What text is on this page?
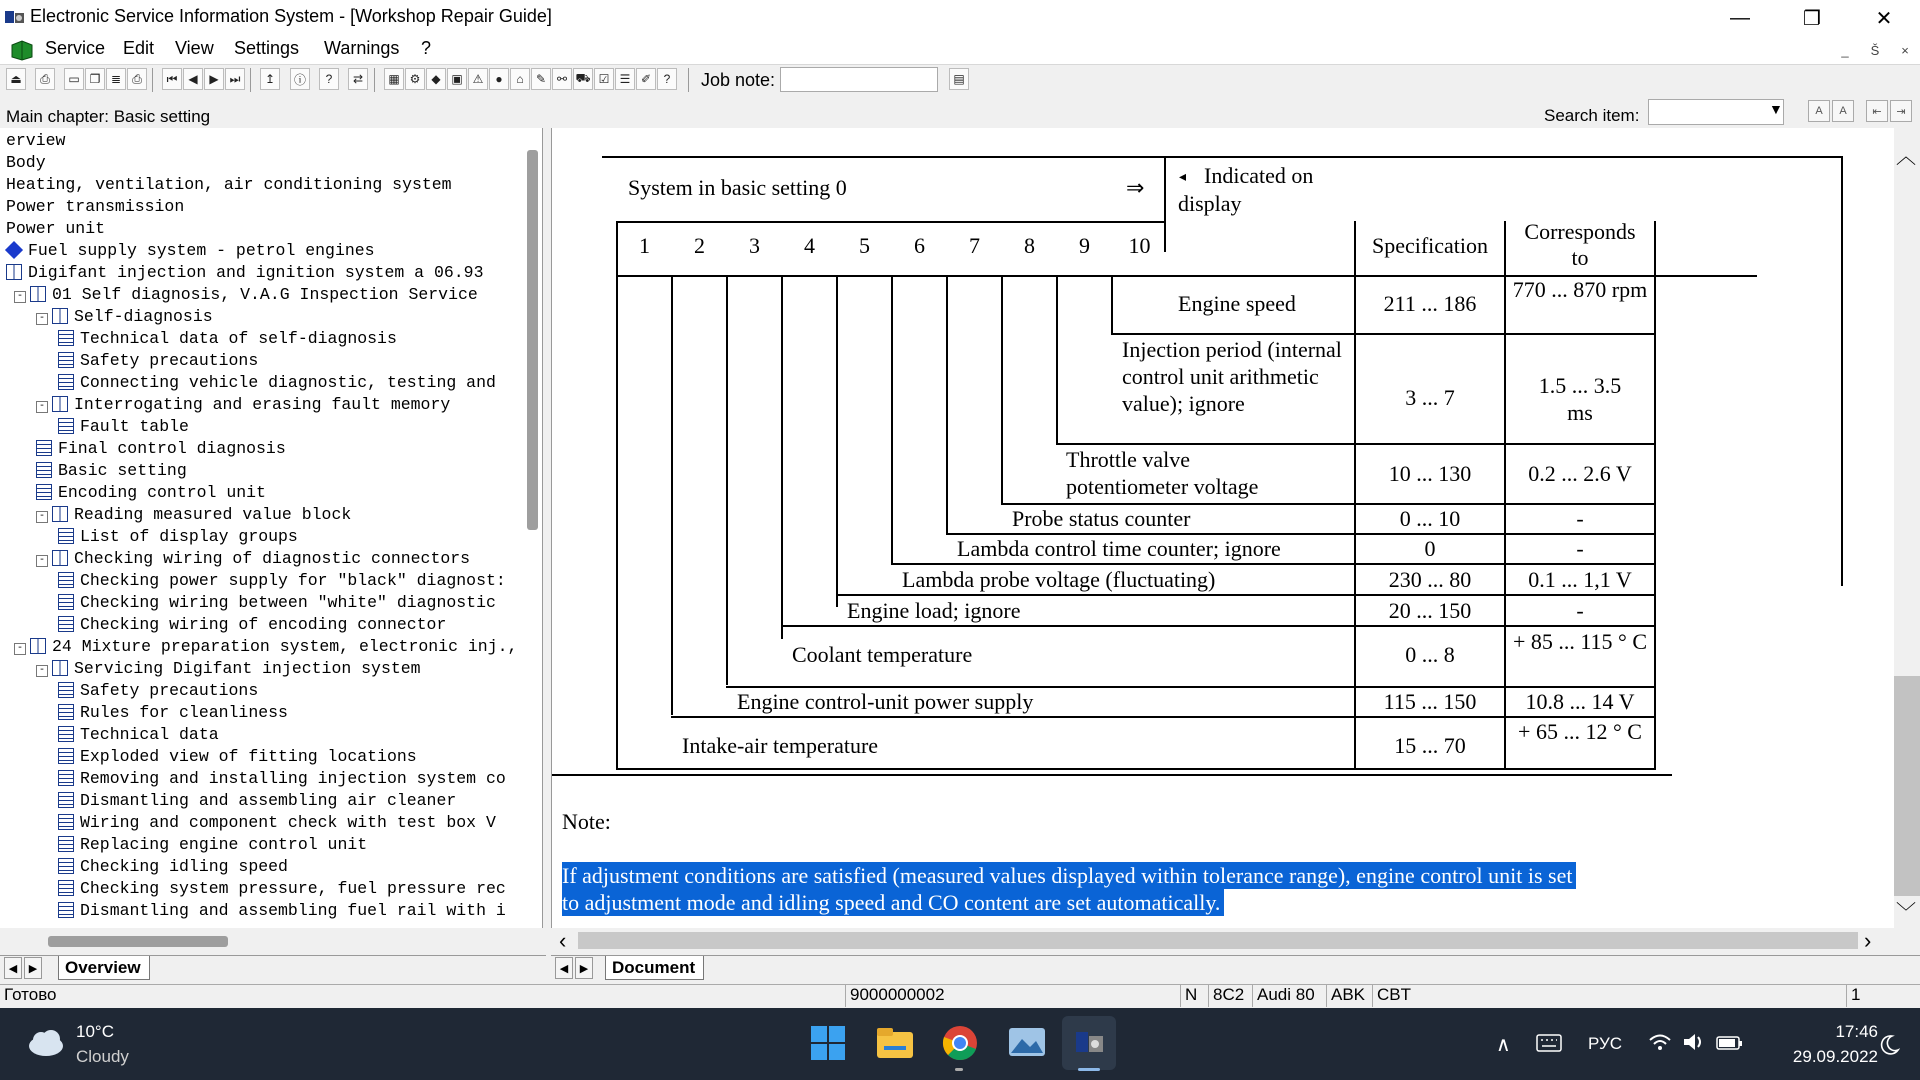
Electronic Service Information System - [Workshop Repair Guide]	—	❐	✕
Service Edit View Settings Warnings ?	_	Š	×
⏏	⎙	▭ ❐ ≣ ⎙	⏮ ◀ ▶ ⏭	↥	ⓘ	?	⇄	▦ ⚙ ◆ ▣ ⚠	●	⌂	✎ ⚯ ⛟ ☑ ☰ ✐	?	Job note:	▤
Main chapter: Basic setting	Search item:	▼	A	A	⇤	⇥
erview
Body
Heating, ventilation, air conditioning system
Power transmission
Power unit
Fuel supply system - petrol engines
Digifant injection and ignition system a 06.93
- 01 Self diagnosis, V.A.G Inspection Service
- Self-diagnosis
Technical data of self-diagnosis
Safety precautions
Connecting vehicle diagnostic, testing and
- Interrogating and erasing fault memory
Fault table
Final control diagnosis
Basic setting
Encoding control unit
- Reading measured value block
List of display groups
- Checking wiring of diagnostic connectors
Checking power supply for "black" diagnost:
Checking wiring between "white" diagnostic
Checking wiring of encoding connector
- 24 Mixture preparation system, electronic inj.,
- Servicing Digifant injection system
Safety precautions
Rules for cleanliness
Technical data
Exploded view of fitting locations
Removing and installing injection system co
Dismantling and assembling air cleaner
Wiring and component check with test box V
Replacing engine control unit
Checking idling speed
Checking system pressure, fuel pressure rec
Dismantling and assembling fuel rail with i
◀	▶	Overview
System in basic setting 0	⇒ ◂ Indicated on
display
Specification
Corresponds
to
1	2	3	4	5	6	7	8	9	10
Engine speed	211 ... 186
770 ... 870 rpm
Injection period (internal control unit arithmetic value); ignore	3 ... 7	1.5 ... 3.5 ms
Throttle valve potentiometer voltage
10 ... 130	0.2 ... 2.6 V
Probe status counter	0 ... 10	-
Lambda control time counter; ignore	0	-
Lambda probe voltage (fluctuating)	230 ... 80	0.1 ... 1,1 V
Engine load; ignore	20 ... 150	-
Coolant temperature	0 ... 8
+ 85 ... 115 ° C
Engine control-unit power supply	115 ... 150	10.8 ... 14 V
Intake-air temperature	15 ... 70
+ 65 ... 12 ° C
Note:
If adjustment conditions are satisfied (measured values displayed within tolerance range), engine control unit is set
to adjustment mode and idling speed and CO content are set automatically.
︿
﹀
‹	›
◀	▶	Document
Готово	9000000002	N 8C2 Audi 80 ABK CBT	1
10°C
Cloudy
∧	РУС
17:46
29.09.2022
